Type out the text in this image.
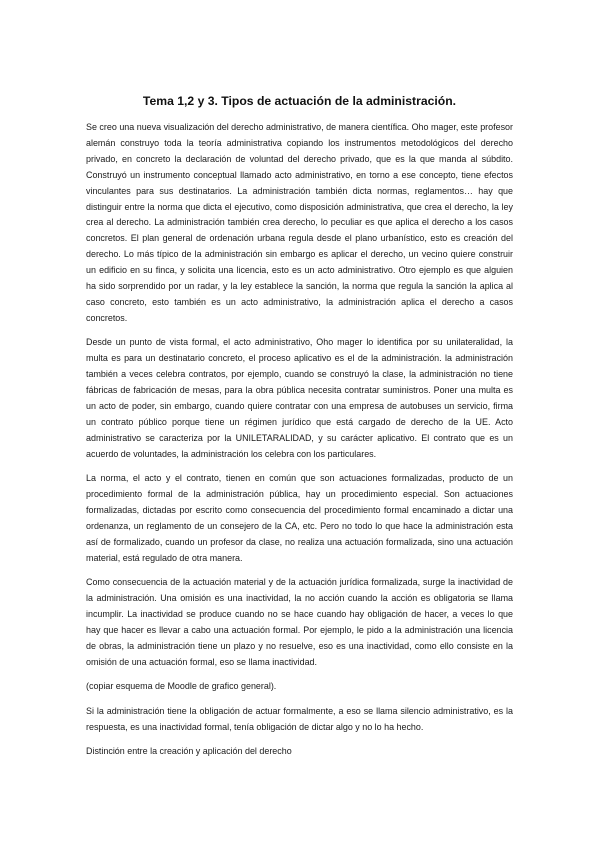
Tema 1,2 y 3. Tipos de actuación de la administración.

Se creo una nueva visualización del derecho administrativo, de manera científica. Oho mager, este profesor alemán construyo toda la teoría administrativa copiando los instrumentos metodológicos del derecho privado, en concreto la declaración de voluntad del derecho privado, que es la que manda al súbdito. Construyó un instrumento conceptual llamado acto administrativo, en torno a ese concepto, tiene efectos vinculantes para sus destinatarios. La administración también dicta normas, reglamentos… hay que distinguir entre la norma que dicta el ejecutivo, como disposición administrativa, que crea el derecho, la ley crea al derecho. La administración también crea derecho, lo peculiar es que aplica el derecho a los casos concretos. El plan general de ordenación urbana regula desde el plano urbanístico, esto es creación del derecho. Lo más típico de la administración sin embargo es aplicar el derecho, un vecino quiere construir un edificio en su finca, y solicita una licencia, esto es un acto administrativo. Otro ejemplo es que alguien ha sido sorprendido por un radar, y la ley establece la sanción, la norma que regula la sanción la aplica al caso concreto, esto también es un acto administrativo, la administración aplica el derecho a casos concretos.

Desde un punto de vista formal, el acto administrativo, Oho mager lo identifica por su unilateralidad, la multa es para un destinatario concreto, el proceso aplicativo es el de la administración. la administración también a veces celebra contratos, por ejemplo, cuando se construyó la clase, la administración no tiene fábricas de fabricación de mesas, para la obra pública necesita contratar suministros. Poner una multa es un acto de poder, sin embargo, cuando quiere contratar con una empresa de autobuses un servicio, firma un contrato público porque tiene un régimen jurídico que está cargado de derecho de la UE. Acto administrativo se caracteriza por la UNILETARALIDAD, y su carácter aplicativo. El contrato que es un acuerdo de voluntades, la administración los celebra con los particulares.

La norma, el acto y el contrato, tienen en común que son actuaciones formalizadas, producto de un procedimiento formal de la administración pública, hay un procedimiento especial. Son actuaciones formalizadas, dictadas por escrito como consecuencia del procedimiento formal encaminado a dictar una ordenanza, un reglamento de un consejero de la CA, etc. Pero no todo lo que hace la administración esta así de formalizado, cuando un profesor da clase, no realiza una actuación formalizada, sino una actuación material, está regulado de otra manera.

Como consecuencia de la actuación material y de la actuación jurídica formalizada, surge la inactividad de la administración. Una omisión es una inactividad, la no acción cuando la acción es obligatoria se llama incumplir. La inactividad se produce cuando no se hace cuando hay obligación de hacer, a veces lo que hay que hacer es llevar a cabo una actuación formal. Por ejemplo, le pido a la administración una licencia de obras, la administración tiene un plazo y no resuelve, eso es una inactividad, como ello consiste en la omisión de una actuación formal, eso se llama inactividad.

(copiar esquema de Moodle de grafico general).

Si la administración tiene la obligación de actuar formalmente, a eso se llama silencio administrativo, es la respuesta, es una inactividad formal, tenía obligación de dictar algo y no lo ha hecho.

Distinción entre la creación y aplicación del derecho
